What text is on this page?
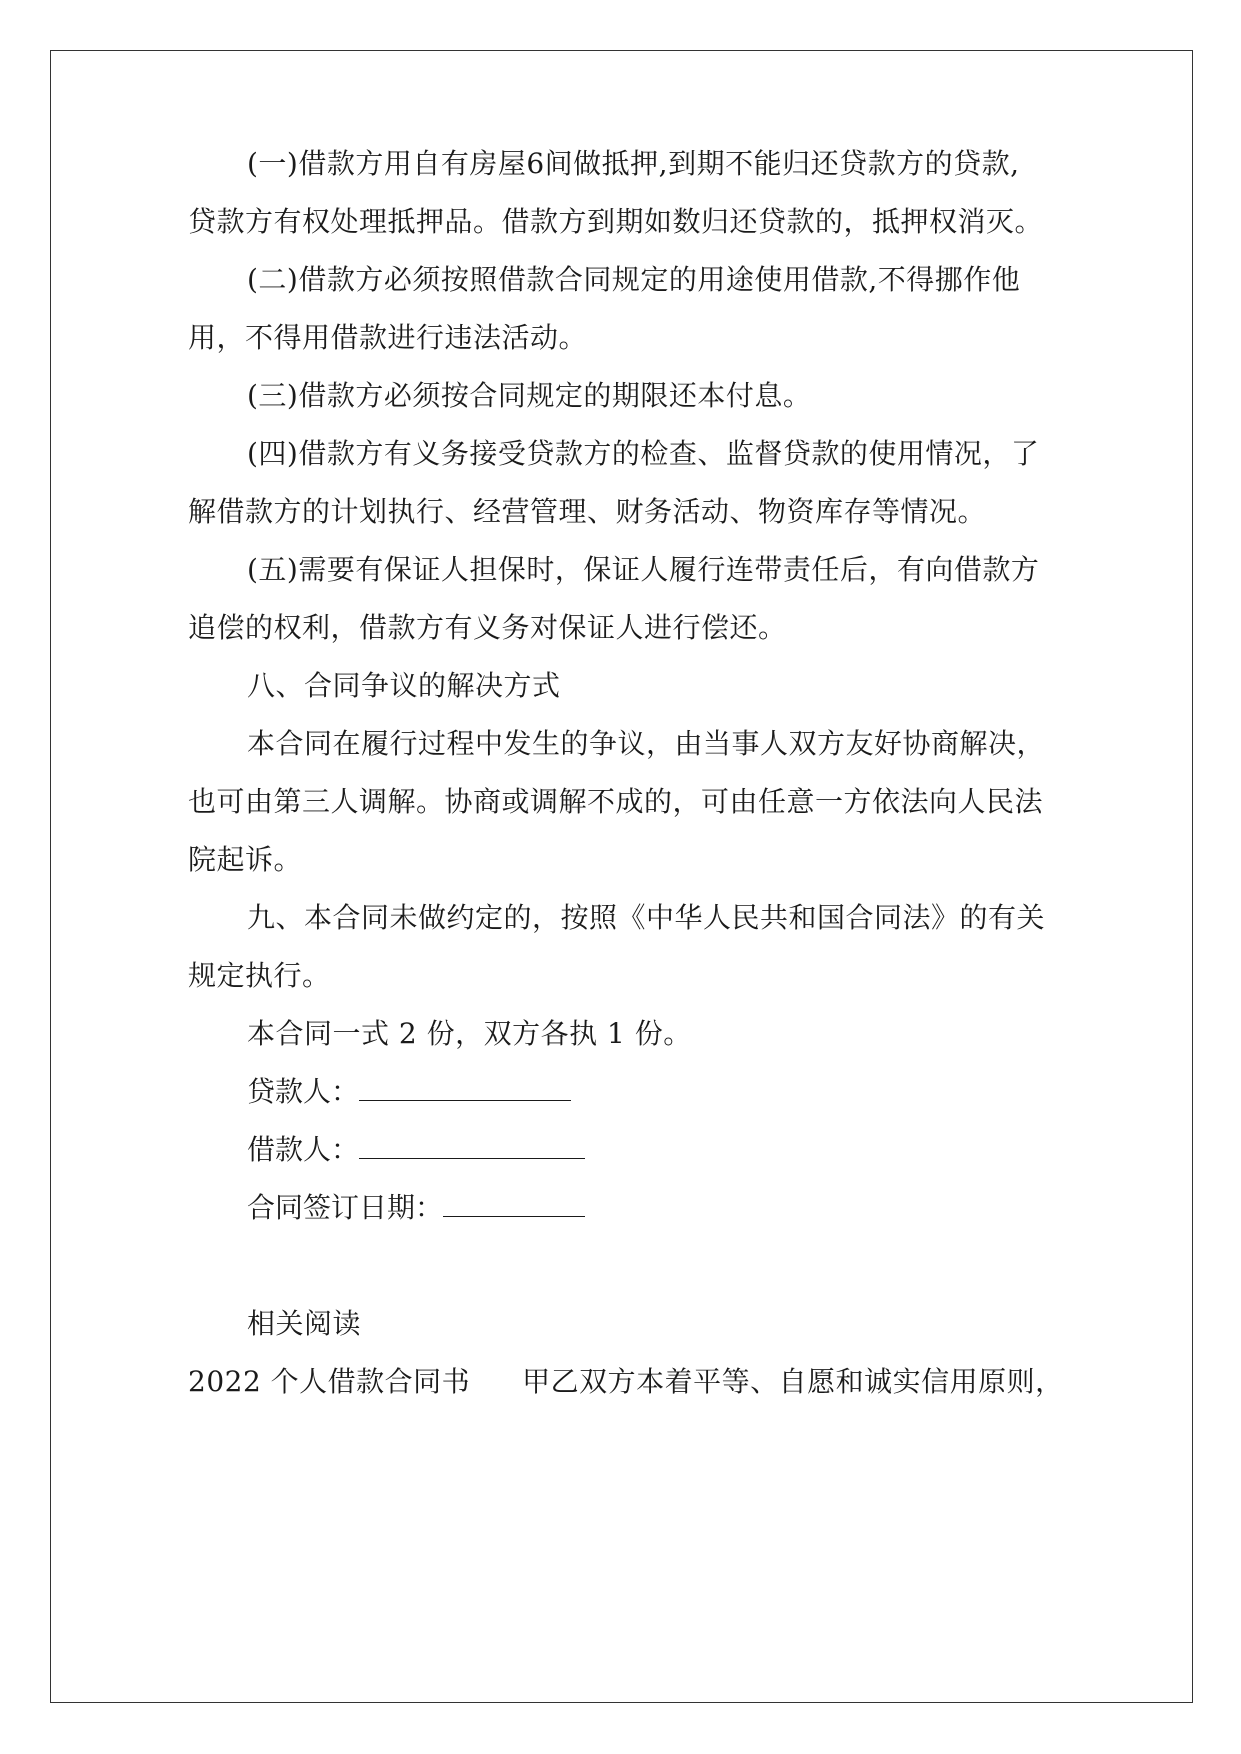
(一)借款方用自有房屋6间做抵押,到期不能归还贷款方的贷款,
贷款方有权处理抵押品。借款方到期如数归还贷款的，抵押权消灭。
(二)借款方必须按照借款合同规定的用途使用借款,不得挪作他
用，不得用借款进行违法活动。
(三)借款方必须按合同规定的期限还本付息。
(四)借款方有义务接受贷款方的检查、监督贷款的使用情况，了
解借款方的计划执行、经营管理、财务活动、物资库存等情况。
(五)需要有保证人担保时，保证人履行连带责任后，有向借款方
追偿的权利，借款方有义务对保证人进行偿还。
八、合同争议的解决方式
本合同在履行过程中发生的争议，由当事人双方友好协商解决，
也可由第三人调解。协商或调解不成的，可由任意一方依法向人民法
院起诉。
九、本合同未做约定的，按照《中华人民共和国合同法》的有关
规定执行。
本合同一式 2 份，双方各执 1 份。
贷款人：
借款人：
合同签订日期：
相关阅读
2022 个人借款合同书 甲乙双方本着平等、自愿和诚实信用原则，
